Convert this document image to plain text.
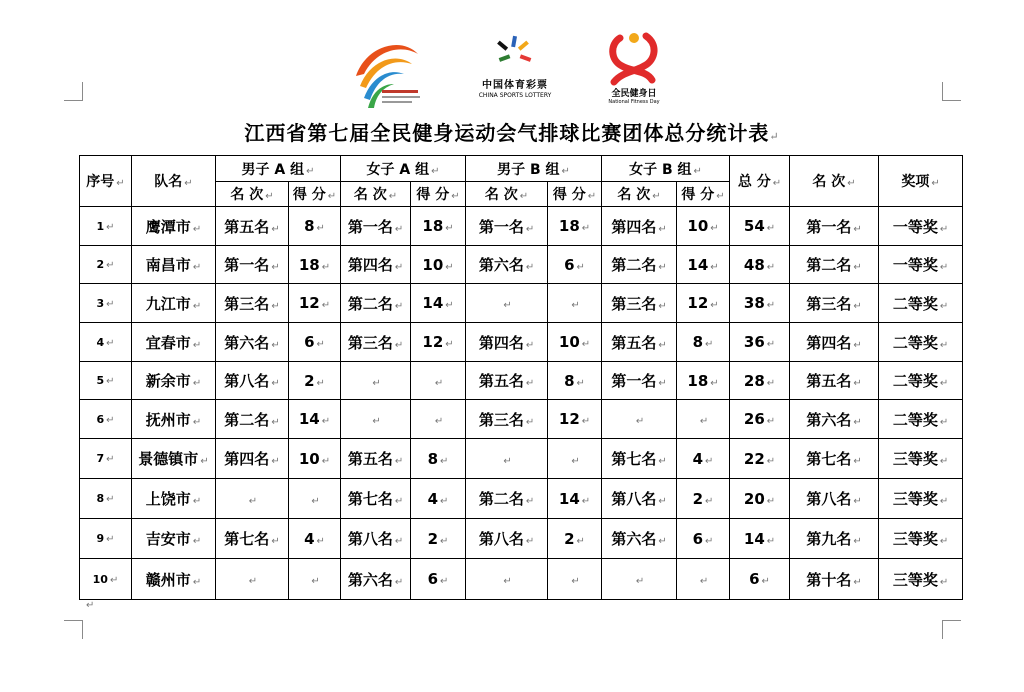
中国体育彩票
CHINA SPORTS LOTTERY	全民健身日
National Fitness Day
江西省第七届全民健身运动会气排球比赛团体总分统计表↵
序号 ↵	队名 ↵	男子 A 组 ↵		女子 A 组 ↵		男子 B 组 ↵		女子 B 组 ↵		总 分 ↵	名 次 ↵	奖项 ↵
		名 次 ↵	得 分 ↵	名 次 ↵	得 分 ↵	名 次 ↵	得 分 ↵	名 次 ↵	得 分 ↵			
1 ↵	鹰潭市 ↵	第五名 ↵	8 ↵	第一名 ↵	18 ↵	第一名 ↵	18 ↵	第四名 ↵	10 ↵	54 ↵	第一名 ↵	一等奖 ↵
2 ↵	南昌市 ↵	第一名 ↵	18 ↵	第四名 ↵	10 ↵	第六名 ↵	6 ↵	第二名 ↵	14 ↵	48 ↵	第二名 ↵	一等奖 ↵
3 ↵	九江市 ↵	第三名 ↵	12 ↵	第二名 ↵	14 ↵	↵	↵	第三名 ↵	12 ↵	38 ↵	第三名 ↵	二等奖 ↵
4 ↵	宜春市 ↵	第六名 ↵	6 ↵	第三名 ↵	12 ↵	第四名 ↵	10 ↵	第五名 ↵	8 ↵	36 ↵	第四名 ↵	二等奖 ↵
5 ↵	新余市 ↵	第八名 ↵	2 ↵	↵	↵	第五名 ↵	8 ↵	第一名 ↵	18 ↵	28 ↵	第五名 ↵	二等奖 ↵
6 ↵	抚州市 ↵	第二名 ↵	14 ↵	↵	↵	第三名 ↵	12 ↵	↵	↵	26 ↵	第六名 ↵	二等奖 ↵
7 ↵	景德镇市 ↵	第四名 ↵	10 ↵	第五名 ↵	8 ↵	↵	↵	第七名 ↵	4 ↵	22 ↵	第七名 ↵	三等奖 ↵
8 ↵	上饶市 ↵	↵	↵	第七名 ↵	4 ↵	第二名 ↵	14 ↵	第八名 ↵	2 ↵	20 ↵	第八名 ↵	三等奖 ↵
9 ↵	吉安市 ↵	第七名 ↵	4 ↵	第八名 ↵	2 ↵	第八名 ↵	2 ↵	第六名 ↵	6 ↵	14 ↵	第九名 ↵	三等奖 ↵
10 ↵	赣州市 ↵	↵	↵	第六名 ↵	6 ↵	↵	↵	↵	↵	6 ↵	第十名 ↵	三等奖 ↵
↵
